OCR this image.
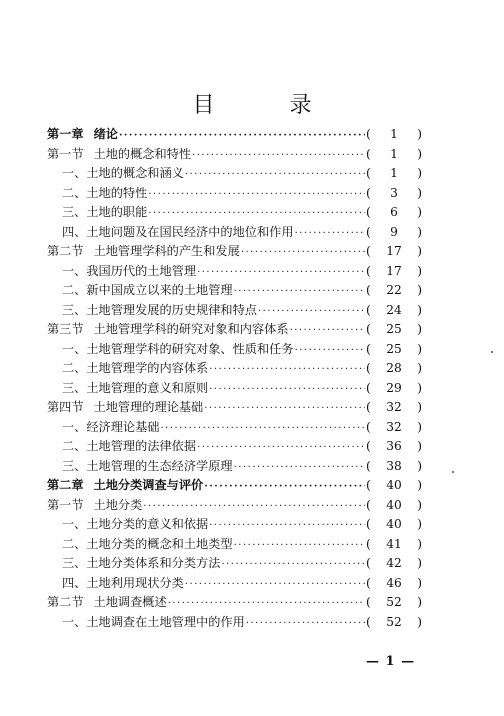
目 录
第一章 绪论 ·····	(	1	)
第一节 土地的概念和特性 ·····	(	1	)
一、土地的概念和涵义 ·····	(	1	)
二、土地的特性 ·····	(	3	)
三、土地的职能 ·····	(	6	)
四、土地问题及在国民经济中的地位和作用 ·····	(	9	)
第二节 土地管理学科的产生和发展 ·····	(	17	)
一、我国历代的土地管理 ·····	(	17	)
二、新中国成立以来的土地管理 ·····	(	22	)
三、土地管理发展的历史规律和特点 ·····	(	24	)
第三节 土地管理学科的研究对象和内容体系 ·····	(	25	)
一、土地管理学科的研究对象、性质和任务 ·····	(	25	)
二、土地管理学的内容体系 ·····	(	28	)
三、土地管理的意义和原则 ·····	(	29	)
第四节 土地管理的理论基础 ·····	(	32	)
一、经济理论基础 ·····	(	32	)
二、土地管理的法律依据 ·····	(	36	)
三、土地管理的生态经济学原理 ·····	(	38	)
第二章 土地分类调查与评价 ·····	(	40	)
第一节 土地分类 ·····	(	40	)
一、土地分类的意义和依据 ·····	(	40	)
二、土地分类的概念和土地类型 ·····	(	41	)
三、土地分类体系和分类方法 ·····	(	42	)
四、土地利用现状分类 ·····	(	46	)
第二节 土地调查概述 ·····	(	52	)
一、土地调查在土地管理中的作用 ·····	(	52	)
— 1 —
